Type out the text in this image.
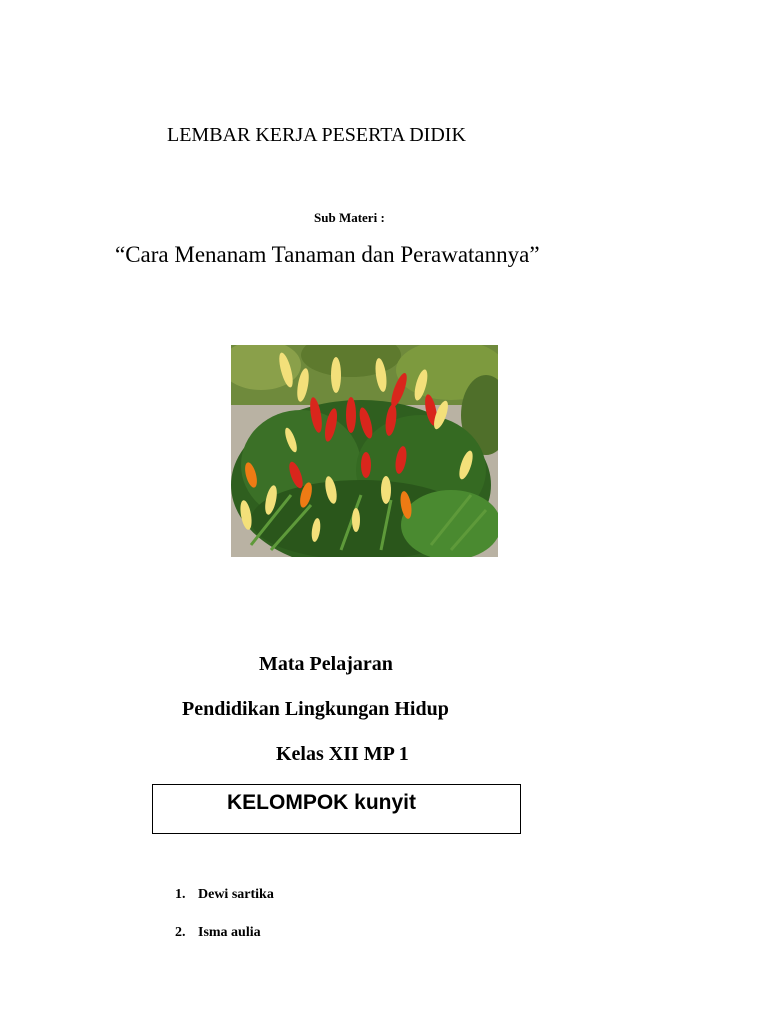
LEMBAR KERJA PESERTA DIDIK
Sub Materi :
“Cara Menanam Tanaman dan Perawatannya”
Mata Pelajaran
Pendidikan Lingkungan Hidup
Kelas XII MP 1
KELOMPOK kunyit
1. Dewi sartika
2. Isma aulia
